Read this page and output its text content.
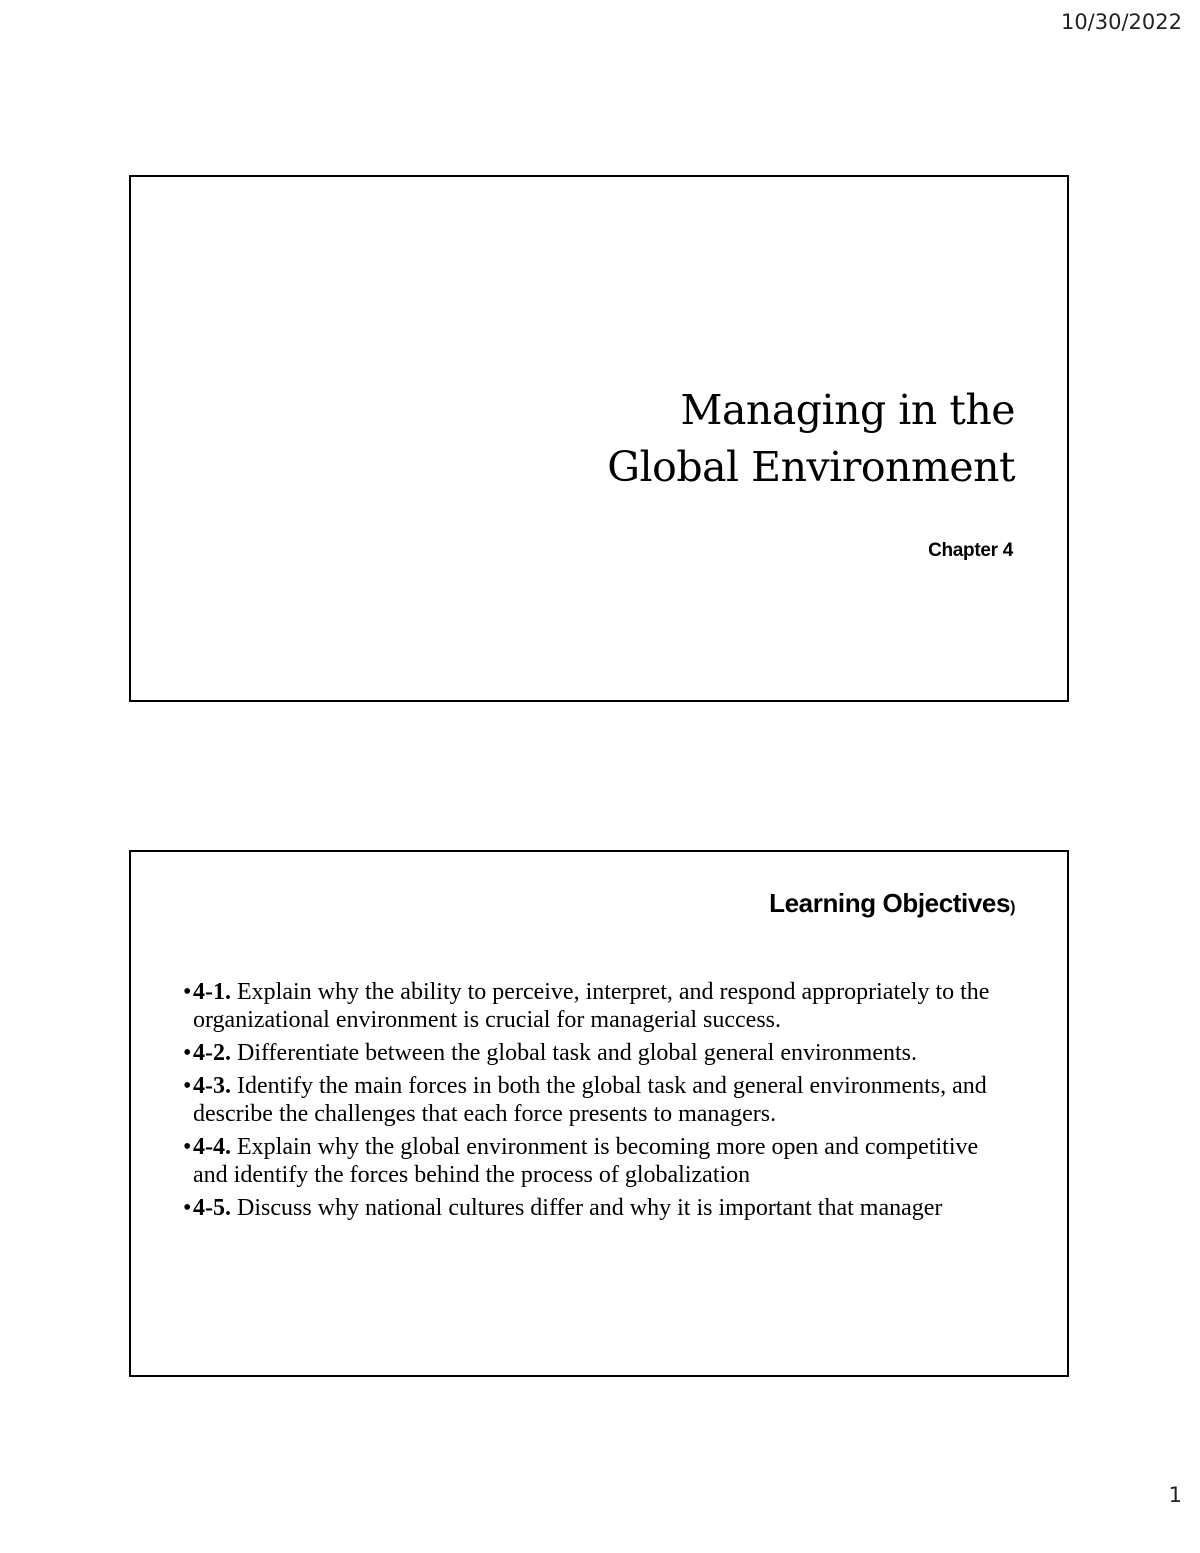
10/30/2022
Managing in the
Global Environment
Chapter 4
Learning Objectives)
• 4-1. Explain why the ability to perceive, interpret, and respond appropriately to the organizational environment is crucial for managerial success.
• 4-2. Differentiate between the global task and global general environments.
• 4-3. Identify the main forces in both the global task and general environments, and describe the challenges that each force presents to managers.
• 4-4. Explain why the global environment is becoming more open and competitive and identify the forces behind the process of globalization
• 4-5. Discuss why national cultures differ and why it is important that manager
1
